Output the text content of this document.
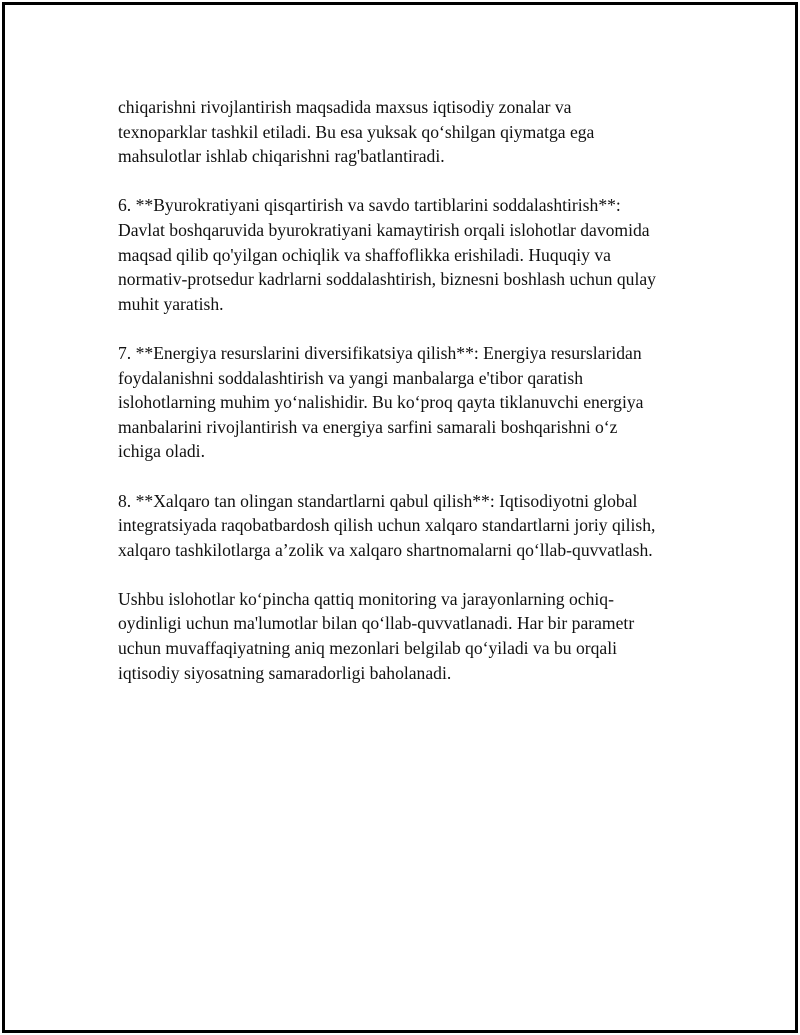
chiqarishni rivojlantirish maqsadida maxsus iqtisodiy zonalar va
texnoparklar tashkil etiladi. Bu esa yuksak qo‘shilgan qiymatga ega
mahsulotlar ishlab chiqarishni rag'batlantiradi.

6. **Byurokratiyani qisqartirish va savdo tartiblarini soddalashtirish**:
Davlat boshqaruvida byurokratiyani kamaytirish orqali islohotlar davomida
maqsad qilib qo'yilgan ochiqlik va shaffoflikka erishiladi. Huquqiy va
normativ-protsedur kadrlarni soddalashtirish, biznesni boshlash uchun qulay
muhit yaratish.

7. **Energiya resurslarini diversifikatsiya qilish**: Energiya resurslaridan
foydalanishni soddalashtirish va yangi manbalarga e'tibor qaratish
islohotlarning muhim yo‘nalishidir. Bu ko‘proq qayta tiklanuvchi energiya
manbalarini rivojlantirish va energiya sarfini samarali boshqarishni o‘z
ichiga oladi.

8. **Xalqaro tan olingan standartlarni qabul qilish**: Iqtisodiyotni global
integratsiyada raqobatbardosh qilish uchun xalqaro standartlarni joriy qilish,
xalqaro tashkilotlarga a’zolik va xalqaro shartnomalarni qo‘llab-quvvatlash.

Ushbu islohotlar ko‘pincha qattiq monitoring va jarayonlarning ochiq-
oydinligi uchun ma'lumotlar bilan qo‘llab-quvvatlanadi. Har bir parametr
uchun muvaffaqiyatning aniq mezonlari belgilab qo‘yiladi va bu orqali
iqtisodiy siyosatning samaradorligi baholanadi.
